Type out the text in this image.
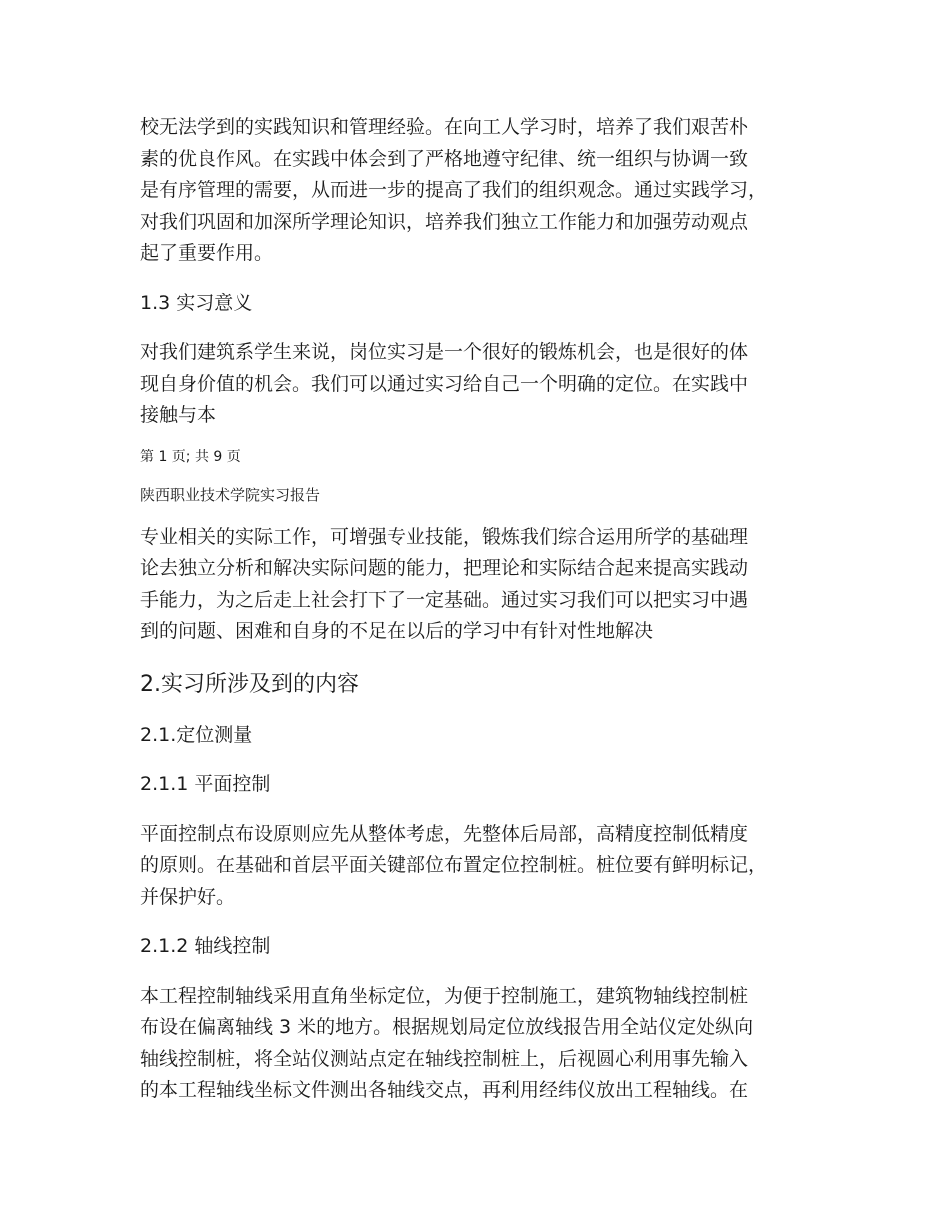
校无法学到的实践知识和管理经验。在向工人学习时，培养了我们艰苦朴
素的优良作风。在实践中体会到了严格地遵守纪律、统一组织与协调一致
是有序管理的需要，从而进一步的提高了我们的组织观念。通过实践学习，
对我们巩固和加深所学理论知识，培养我们独立工作能力和加强劳动观点
起了重要作用。

1.3 实习意义

对我们建筑系学生来说，岗位实习是一个很好的锻炼机会，也是很好的体
现自身价值的机会。我们可以通过实习给自己一个明确的定位。在实践中
接触与本

第 1 页; 共 9 页

陕西职业技术学院实习报告

专业相关的实际工作，可增强专业技能，锻炼我们综合运用所学的基础理
论去独立分析和解决实际问题的能力，把理论和实际结合起来提高实践动
手能力，为之后走上社会打下了一定基础。通过实习我们可以把实习中遇
到的问题、困难和自身的不足在以后的学习中有针对性地解决

2.实习所涉及到的内容

2.1.定位测量

2.1.1 平面控制

平面控制点布设原则应先从整体考虑，先整体后局部，高精度控制低精度
的原则。在基础和首层平面关键部位布置定位控制桩。桩位要有鲜明标记，
并保护好。

2.1.2 轴线控制

本工程控制轴线采用直角坐标定位，为便于控制施工，建筑物轴线控制桩
布设在偏离轴线 3 米的地方。根据规划局定位放线报告用全站仪定处纵向
轴线控制桩，将全站仪测站点定在轴线控制桩上，后视圆心利用事先输入
的本工程轴线坐标文件测出各轴线交点，再利用经纬仪放出工程轴线。在
